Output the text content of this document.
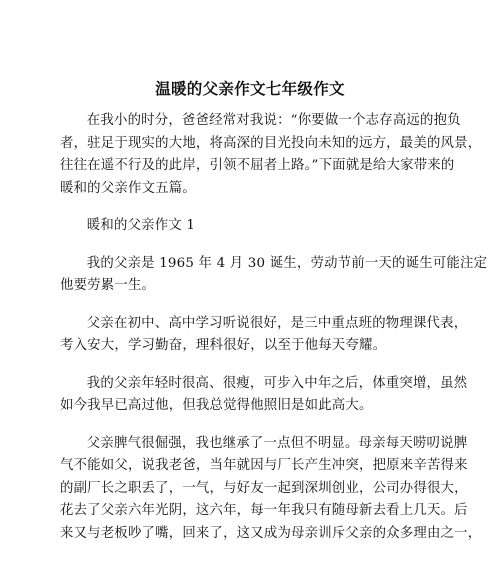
温暖的父亲作文七年级作文

在我小的时分，爸爸经常对我说：“你要做一个志存高远的抱负
者，驻足于现实的大地，将高深的目光投向未知的远方，最美的风景，
往往在遥不行及的此岸，引领不屈者上路。”下面就是给大家带来的
暖和的父亲作文五篇。

暖和的父亲作文 1

我的父亲是 1965 年 4 月 30 诞生，劳动节前一天的诞生可能注定
他要劳累一生。

父亲在初中、高中学习听说很好，是三中重点班的物理课代表，
考入安大，学习勤奋，理科很好，以至于他每天夸耀。

我的父亲年轻时很高、很瘦，可步入中年之后，体重突增，虽然
如今我早已高过他，但我总觉得他照旧是如此高大。

父亲脾气很倔强，我也继承了一点但不明显。母亲每天唠叨说脾
气不能如父，说我老爸，当年就因与厂长产生冲突，把原来辛苦得来
的副厂长之职丢了，一气，与好友一起到深圳创业，公司办得很大，
花去了父亲六年光阴，这六年，每一年我只有随母新去看上几天。后
来又与老板吵了嘴，回来了，这又成为母亲训斥父亲的众多理由之一，
